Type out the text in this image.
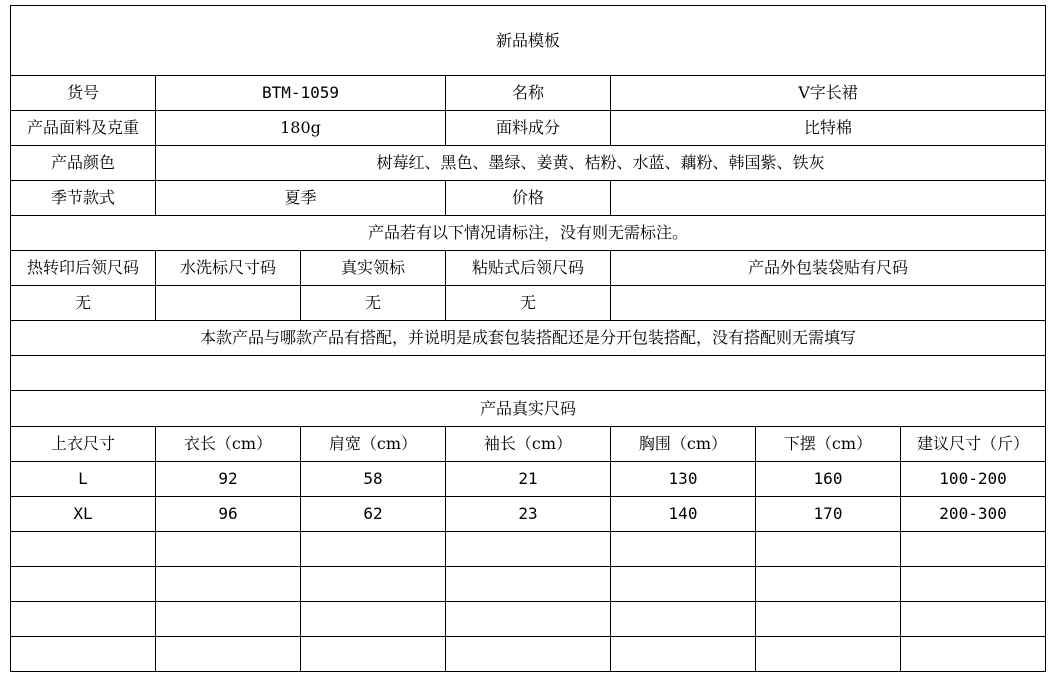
新品模板						
货号	BTM-1059		名称	V字长裙		
产品面料及克重	180g		面料成分	比特棉		
产品颜色	树莓红、黑色、墨绿、姜黄、桔粉、水蓝、藕粉、韩国紫、铁灰					
季节款式	夏季		价格			
产品若有以下情况请标注，没有则无需标注。						
热转印后领尺码	水洗标尺寸码	真实领标	粘贴式后领尺码	产品外包装袋贴有尺码		
无		无	无			
本款产品与哪款产品有搭配，并说明是成套包装搭配还是分开包装搭配，没有搭配则无需填写						

产品真实尺码						
上衣尺寸	衣长（cm）	肩宽（cm）	袖长（cm）	胸围（cm）	下摆（cm）	建议尺寸（斤）
L	92	58	21	130	160	100-200
XL	96	62	23	140	170	200-300
